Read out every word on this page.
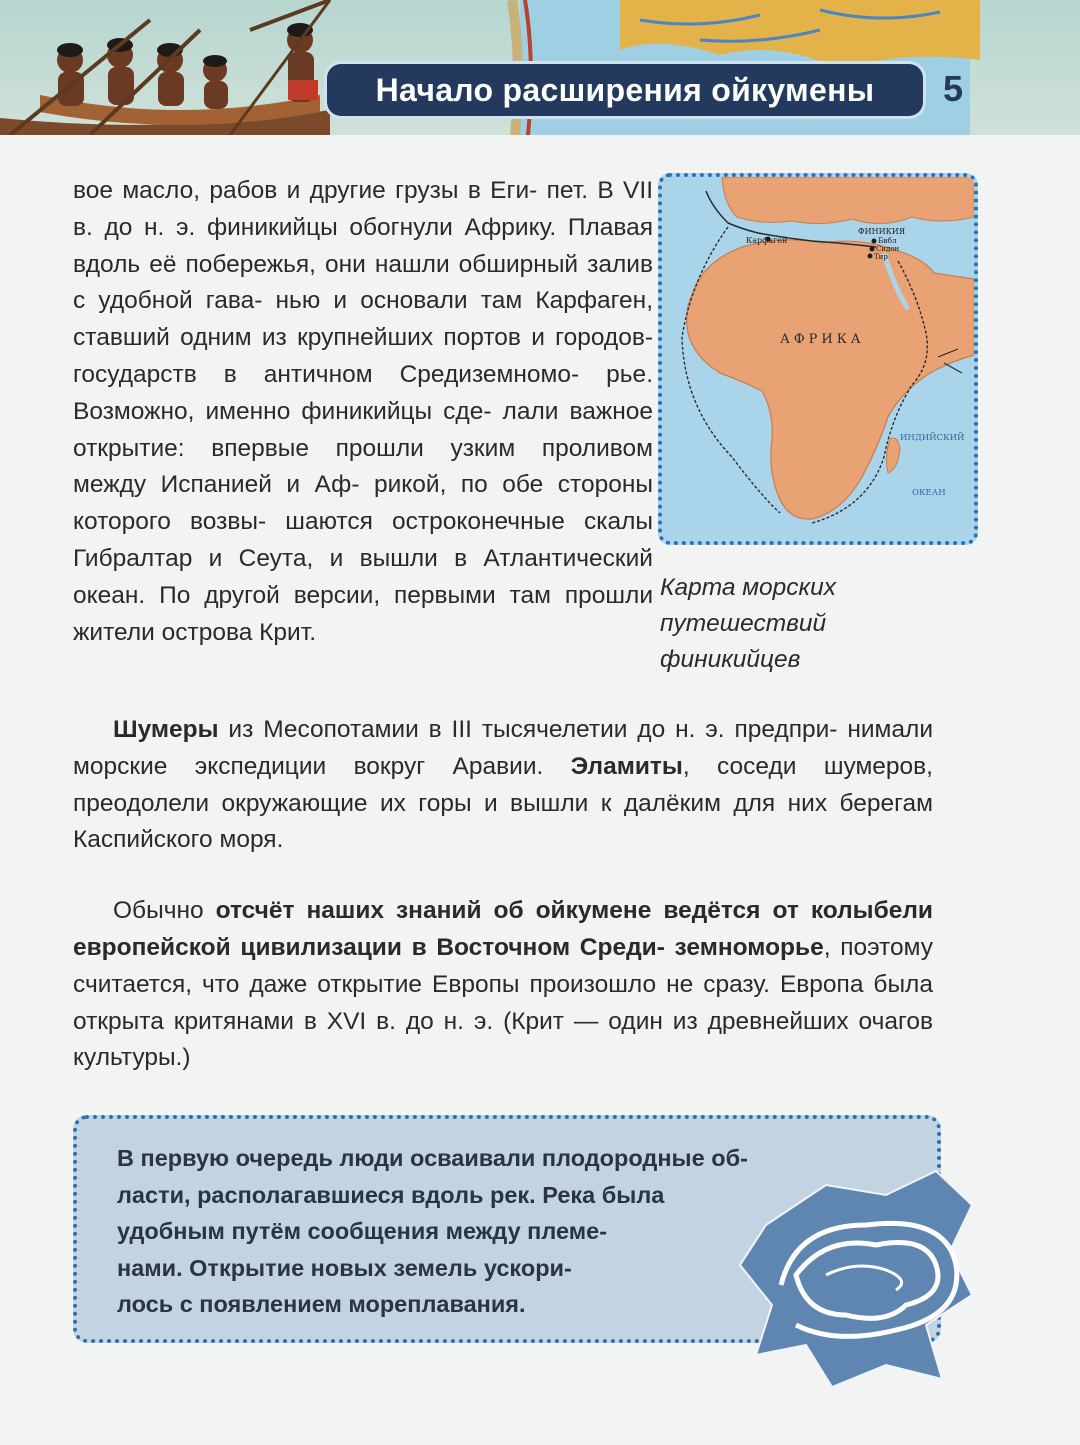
Начало расширения ойкумены	5

вое масло, рабов и другие грузы в Еги- пет. В VII в. до н. э. финикийцы обогнули Африку. Плавая вдоль её побережья, они нашли обширный залив с удобной гава- нью и основали там Карфаген, ставший одним из крупнейших портов и городов- государств в античном Средиземномо- рье. Возможно, именно финикийцы сде- лали важное открытие: впервые прошли узким проливом между Испанией и Аф- рикой, по обе стороны которого возвы- шаются остроконечные скалы Гибралтар и Сеута, и вышли в Атлантический океан. По другой версии, первыми там прошли жители острова Крит.

Карфаген
ФИНИКИЯ
Библ
Сидон
Тир
АФРИКА
ИНДИЙСКИЙ
ОКЕАН
Карта морских
путешествий
финикийцев

Шумеры из Месопотамии в III тысячелетии до н. э. предпри- нимали морские экспедиции вокруг Аравии. Эламиты, соседи шумеров, преодолели окружающие их горы и вышли к далёким для них берегам Каспийского моря.

Обычно отсчёт наших знаний об ойкумене ведётся от колыбели европейской цивилизации в Восточном Среди- земноморье, поэтому считается, что даже открытие Европы произошло не сразу. Европа была открыта критянами в XVI в. до н. э. (Крит — один из древнейших очагов культуры.)

В первую очередь люди осваивали плодородные об-
ласти, располагавшиеся вдоль рек. Река была
удобным путём сообщения между племе-
нами. Открытие новых земель ускори-
лось с появлением мореплавания.
